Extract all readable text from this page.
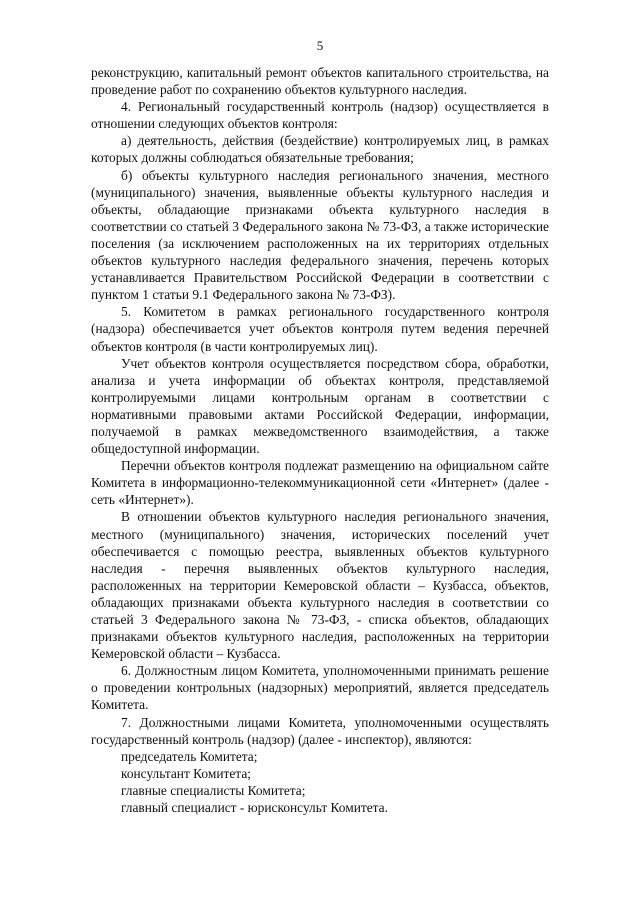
5

реконструкцию, капитальный ремонт объектов капитального строительства, на проведение работ по сохранению объектов культурного наследия.

4. Региональный государственный контроль (надзор) осуществляется в отношении следующих объектов контроля:

а) деятельность, действия (бездействие) контролируемых лиц, в рамках которых должны соблюдаться обязательные требования;

б) объекты культурного наследия регионального значения, местного (муниципального) значения, выявленные объекты культурного наследия и объекты, обладающие признаками объекта культурного наследия в соответствии со статьей 3 Федерального закона № 73-ФЗ, а также исторические поселения (за исключением расположенных на их территориях отдельных объектов культурного наследия федерального значения, перечень которых устанавливается Правительством Российской Федерации в соответствии с пунктом 1 статьи 9.1 Федерального закона № 73-ФЗ).

5. Комитетом в рамках регионального государственного контроля (надзора) обеспечивается учет объектов контроля путем ведения перечней объектов контроля (в части контролируемых лиц).

Учет объектов контроля осуществляется посредством сбора, обработки, анализа и учета информации об объектах контроля, представляемой контролируемыми лицами контрольным органам в соответствии с нормативными правовыми актами Российской Федерации, информации, получаемой в рамках межведомственного взаимодействия, а также общедоступной информации.

Перечни объектов контроля подлежат размещению на официальном сайте Комитета в информационно-телекоммуникационной сети «Интернет» (далее - сеть «Интернет»).

В отношении объектов культурного наследия регионального значения, местного (муниципального) значения, исторических поселений учет обеспечивается с помощью реестра, выявленных объектов культурного наследия - перечня выявленных объектов культурного наследия, расположенных на территории Кемеровской области – Кузбасса, объектов, обладающих признаками объекта культурного наследия в соответствии со статьей 3 Федерального закона № 73-ФЗ, - списка объектов, обладающих признаками объектов культурного наследия, расположенных на территории Кемеровской области – Кузбасса.

6. Должностным лицом Комитета, уполномоченными принимать решение о проведении контрольных (надзорных) мероприятий, является председатель Комитета.

7. Должностными лицами Комитета, уполномоченными осуществлять государственный контроль (надзор) (далее - инспектор), являются:

председатель Комитета;

консультант Комитета;

главные специалисты Комитета;

главный специалист - юрисконсульт Комитета.
